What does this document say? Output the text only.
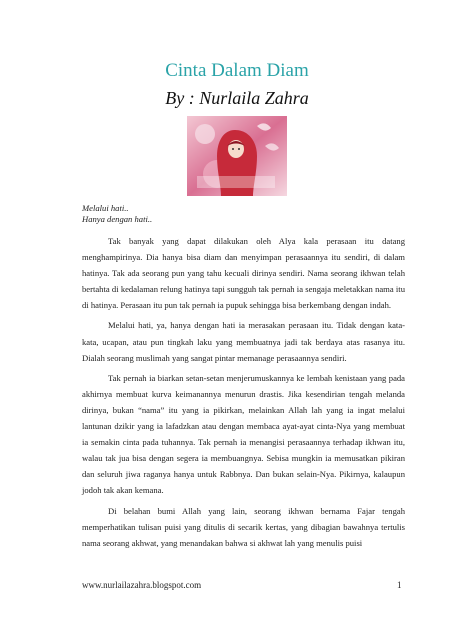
Cinta Dalam Diam
By : Nurlaila Zahra
Melalui hati..
Hanya dengan hati..

Tak banyak yang dapat dilakukan oleh Alya kala perasaan itu datang menghampirinya. Dia hanya bisa diam dan menyimpan perasaannya itu sendiri, di dalam hatinya. Tak ada seorang pun yang tahu kecuali dirinya sendiri. Nama seorang ikhwan telah bertahta di kedalaman relung hatinya tapi sungguh tak pernah ia sengaja meletakkan nama itu di hatinya. Perasaan itu pun tak pernah ia pupuk sehingga bisa berkembang dengan indah.

Melalui hati, ya, hanya dengan hati ia merasakan perasaan itu. Tidak dengan kata-kata, ucapan, atau pun tingkah laku yang membuatnya jadi tak berdaya atas rasanya itu. Dialah seorang muslimah yang sangat pintar memanage perasaannya sendiri.

Tak pernah ia biarkan setan-setan menjerumuskannya ke lembah kenistaan yang pada akhirnya membuat kurva keimanannya menurun drastis. Jika kesendirian tengah melanda dirinya, bukan “nama” itu yang ia pikirkan, melainkan Allah lah yang ia ingat melalui lantunan dzikir yang ia lafadzkan atau dengan membaca ayat-ayat cinta-Nya yang membuat ia semakin cinta pada tuhannya. Tak pernah ia menangisi perasaannya terhadap ikhwan itu, walau tak jua bisa dengan segera ia membuangnya. Sebisa mungkin ia memusatkan pikiran dan seluruh jiwa raganya hanya untuk Rabbnya. Dan bukan selain-Nya. Pikirnya, kalaupun jodoh tak akan kemana.

Di belahan bumi Allah yang lain, seorang ikhwan bernama Fajar tengah memperhatikan tulisan puisi yang ditulis di secarik kertas, yang dibagian bawahnya tertulis nama seorang akhwat, yang menandakan bahwa si akhwat lah yang menulis puisi

www.nurlailazahra.blogspot.com	1
